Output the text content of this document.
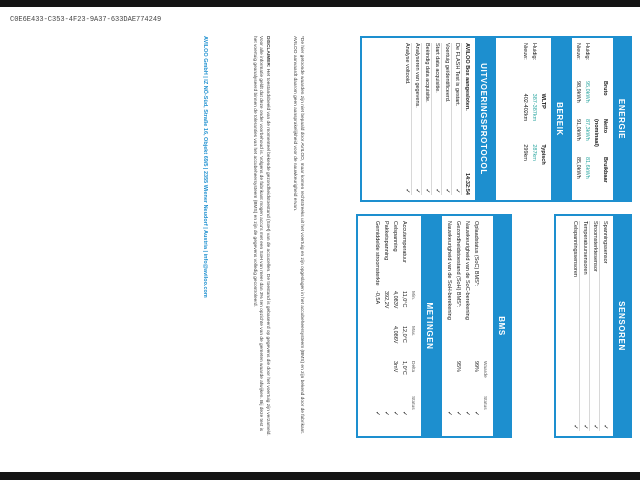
UITVOERINGSPROTOCOL
AVILOO Box aangesloten.
14:32:54
De FLASH Test is gestart.
✓
Voertuig geïdentificeerd.
✓
Start data acquisitie.
✓
Beëindig data acquisitie.
✓
Analyseren van gegevens.
✓
Analyse voltooid.
✓
BEREIK
WLTP
Typisch
Huidig:
387-387km
287km
Nieuw:
402-402km
299km
ENERGIE
Bruto
Netto (nominaal)
Bruikbaar
Huidig:
95,0kWh
87,3kWh
81,6kWh
Nieuw:
98,9kWh
91,0kWh
85,0kWh
METINGEN
Min.
Max.
Delta
Status
Accutemperatuur
11,0°C
12,0°C
1,0°C
✓
Celspanning
4,083V
4,086V
3mV
✓
Pakketspanning
392,2V
✓
Gemiddelde stroomsterkte
-0,5A
✓
BMS
Waarde
Status
Oplaadstatus (SoC) BMS*:
99%
✓
Nauwkeurigheid van de SoC-berekening
✓
Gezondheidstoestand (SoH) BMS*:
95%
✓
Nauwkeurigheid van de SoH-berekening
✓
SENSOREN
Spanningssensor
✓
Stroomsterktesensor
✓
Temperatuursensoren
✓
Celspanningssensoren
✓
*De hier getoonde waarden zijn niet bepaald door AVILOO, maar komen rechtstreeks uit het voertuig en zijn opgeslagen in het accubeheersysteem (BMS) en zijn bekend door de fabrikant. AVILOO aanvaardt daarom geen aansprakelijkheid voor de nauwkeurigheid ervan.
DISCLAIMER: Het toestandsbeeld van de momenteel bekende gezondheidstoestand (SoH) van de accucellen. De toestand is gebaseerd op gegevens die door het voertuig zijn verzameld. Voor alle informatie geldt dat deze onder voorbehoud is. Volgens de fabrikant mogen accu's met een SoH van meer dan 3% ten opzichte van de gemeten waarde afwijken. Bij deze test is het voertuig geanalyseerd binnen de toleranties van het accubeheersysteem (BMS) en zijn de gegevens volledig gecontroleerd.
AVILOO GmbH | IZ NÖ-Süd, Straße 16, Objekt 69/5 | 2355 Wiener Neudorf | Austria | info@aviloo.com
C0E6E433-C353-4F23-9A37-633DAE774249
